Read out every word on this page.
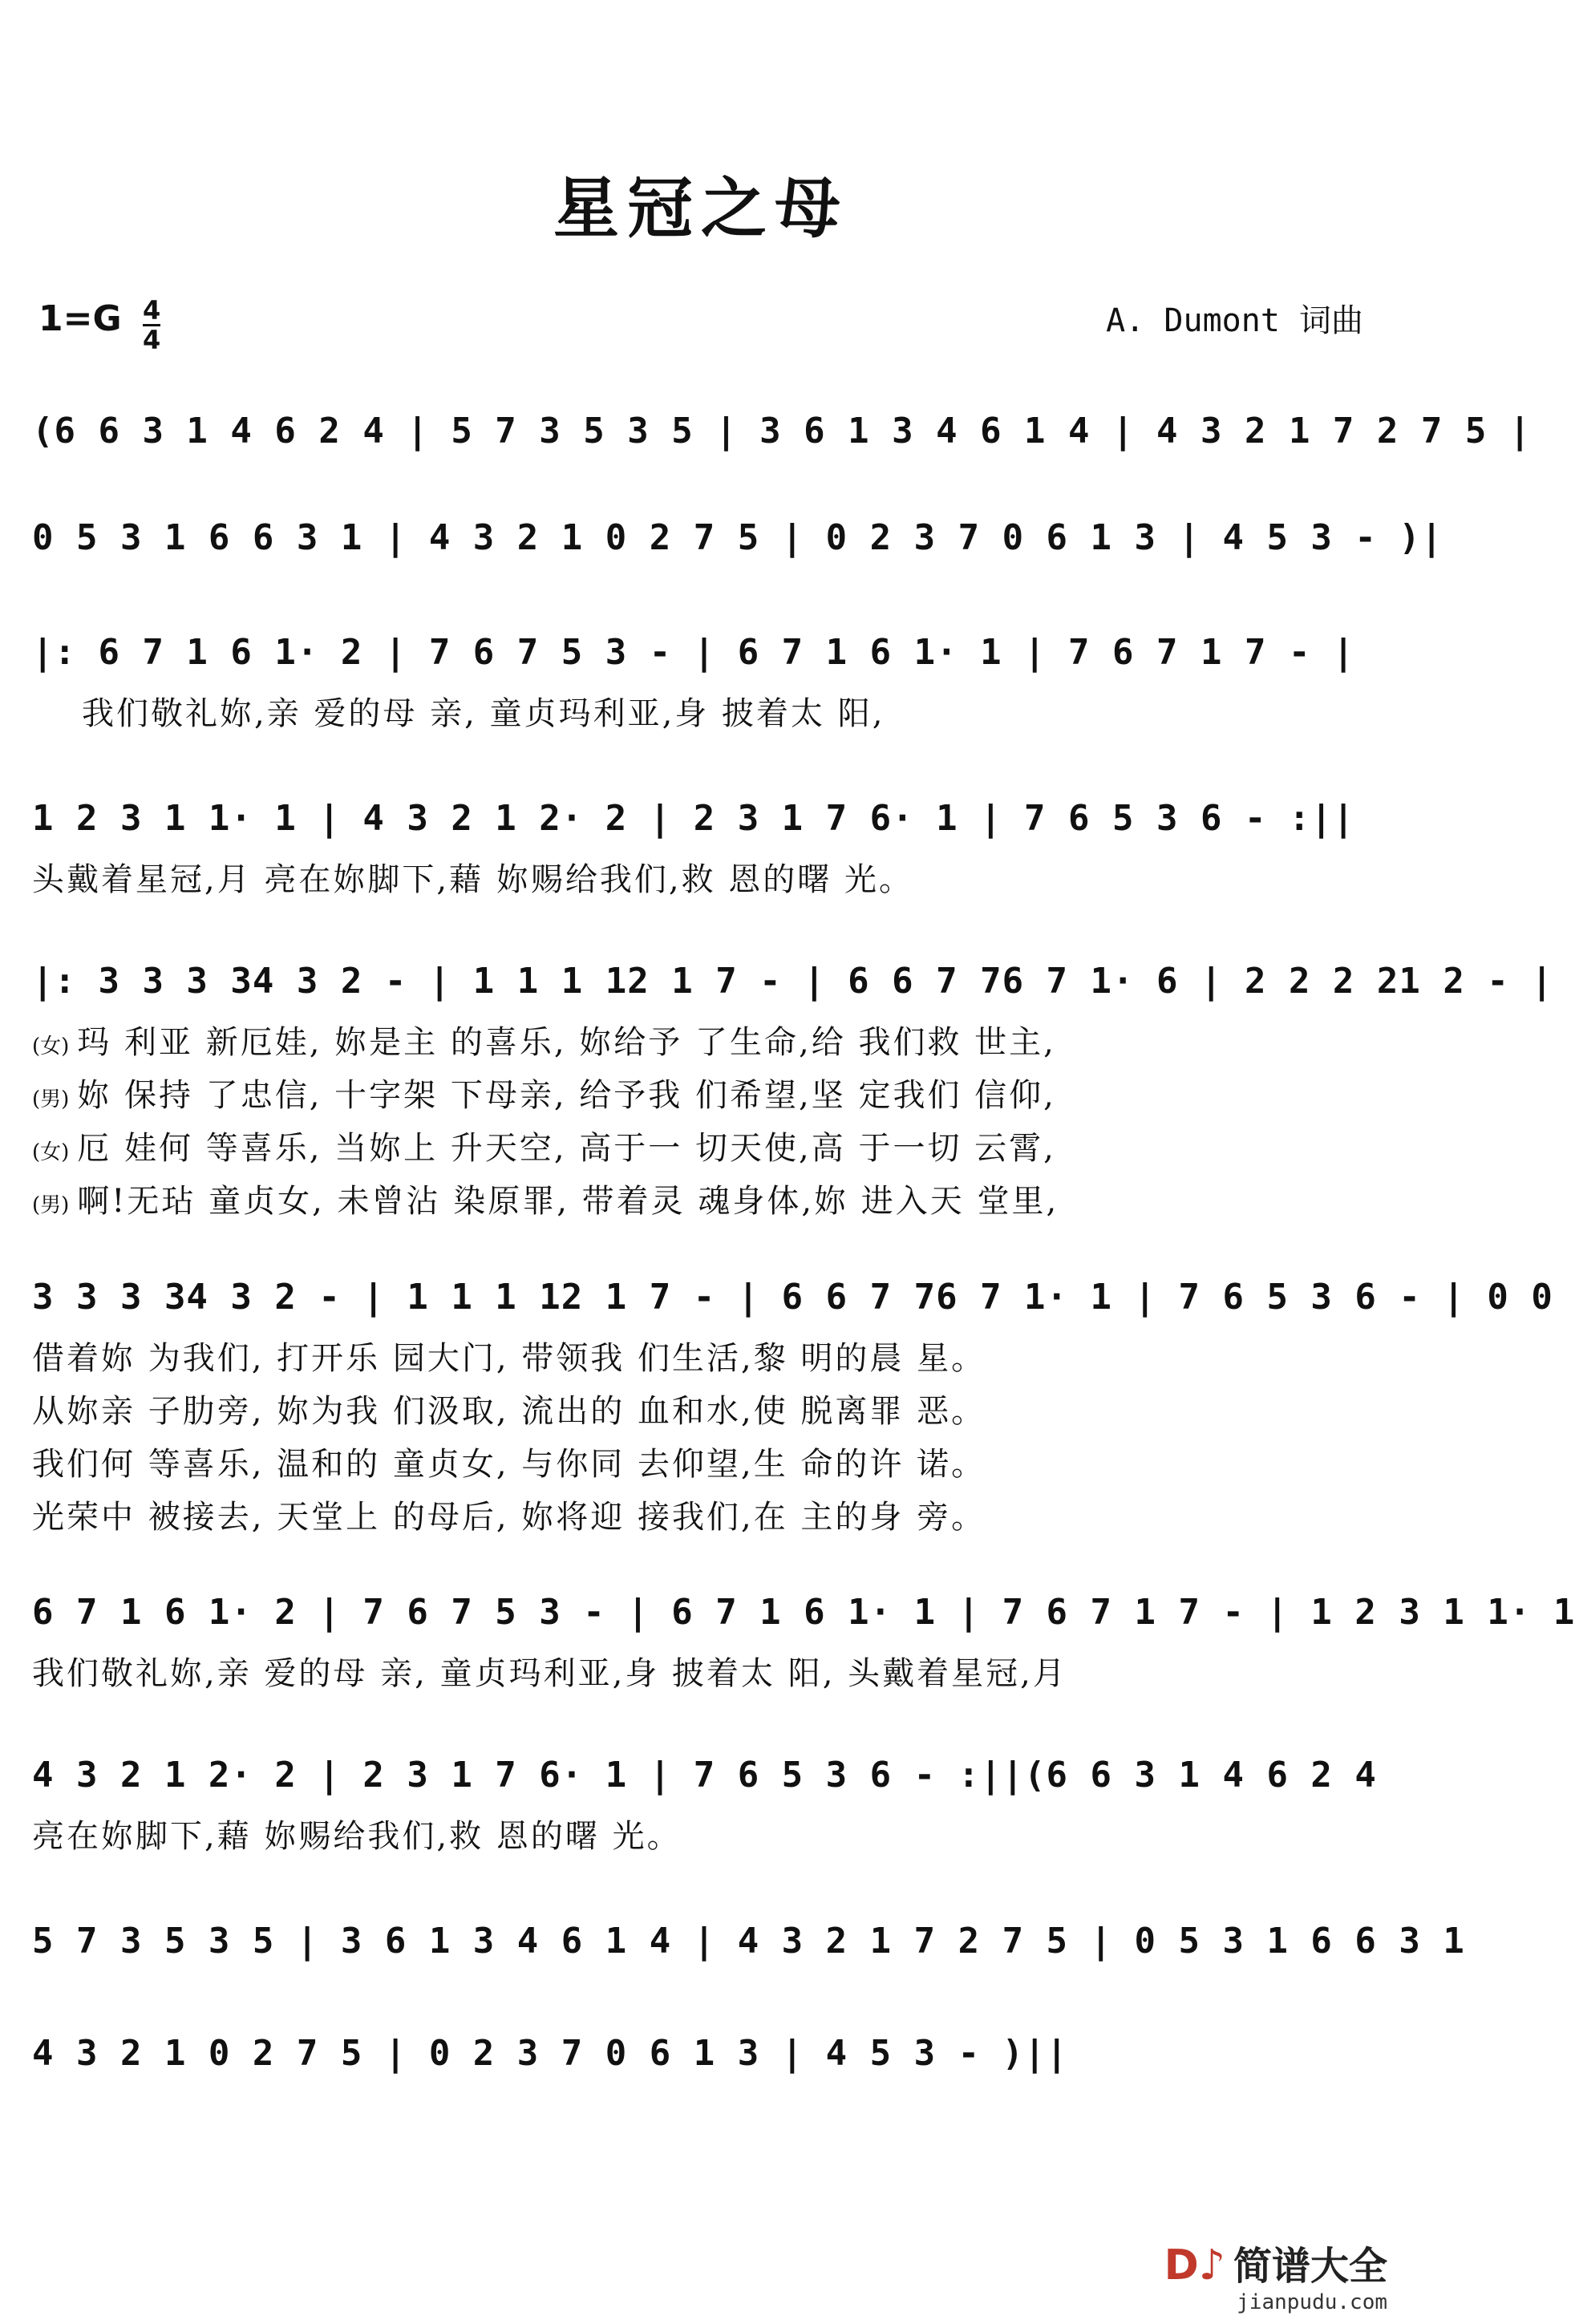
星冠之母
1=G 4
4
A. Dumont 词曲
(6 6 3 1 4 6 2 4 | 5 7 3 5 3 5 | 3 6 1 3 4 6 1 4 | 4 3 2 1 7 2 7 5 |
0 5 3 1 6 6 3 1 | 4 3 2 1 0 2 7 5 | 0 2 3 7 0 6 1 3 | 4 5 3 - )|
|: 6 7 1 6 1· 2 | 7 6 7 5 3 - | 6 7 1 6 1· 1 | 7 6 7 1 7 - |
我们敬礼妳,亲 爱的母 亲, 童贞玛利亚,身 披着太 阳,
1 2 3 1 1· 1 | 4 3 2 1 2· 2 | 2 3 1 7 6· 1 | 7 6 5 3 6 - :||
头戴着星冠,月 亮在妳脚下,藉 妳赐给我们,救 恩的曙 光。
|: 3 3 3 34 3 2 - | 1 1 1 12 1 7 - | 6 6 7 76 7 1· 6 | 2 2 2 21 2 - |
(女) 玛 利亚 新厄娃, 妳是主 的喜乐, 妳给予 了生命,给 我们救 世主,
(男) 妳 保持 了忠信, 十字架 下母亲, 给予我 们希望,坚 定我们 信仰,
(女) 厄 娃何 等喜乐, 当妳上 升天空, 高于一 切天使,高 于一切 云霄,
(男) 啊!无玷 童贞女, 未曾沾 染原罪, 带着灵 魂身体,妳 进入天 堂里,
3 3 3 34 3 2 - | 1 1 1 12 1 7 - | 6 6 7 76 7 1· 1 | 7 6 5 3 6 - | 0 0
借着妳 为我们, 打开乐 园大门, 带领我 们生活,黎 明的晨 星。
从妳亲 子肋旁, 妳为我 们汲取, 流出的 血和水,使 脱离罪 恶。
我们何 等喜乐, 温和的 童贞女, 与你同 去仰望,生 命的许 诺。
光荣中 被接去, 天堂上 的母后, 妳将迎 接我们,在 主的身 旁。
6 7 1 6 1· 2 | 7 6 7 5 3 - | 6 7 1 6 1· 1 | 7 6 7 1 7 - | 1 2 3 1 1· 1
我们敬礼妳,亲 爱的母 亲, 童贞玛利亚,身 披着太 阳, 头戴着星冠,月
4 3 2 1 2· 2 | 2 3 1 7 6· 1 | 7 6 5 3 6 - :||(6 6 3 1 4 6 2 4
亮在妳脚下,藉 妳赐给我们,救 恩的曙 光。
5 7 3 5 3 5 | 3 6 1 3 4 6 1 4 | 4 3 2 1 7 2 7 5 | 0 5 3 1 6 6 3 1
4 3 2 1 0 2 7 5 | 0 2 3 7 0 6 1 3 | 4 5 3 - )||
D♪ 简谱大全
jianpudu.com
